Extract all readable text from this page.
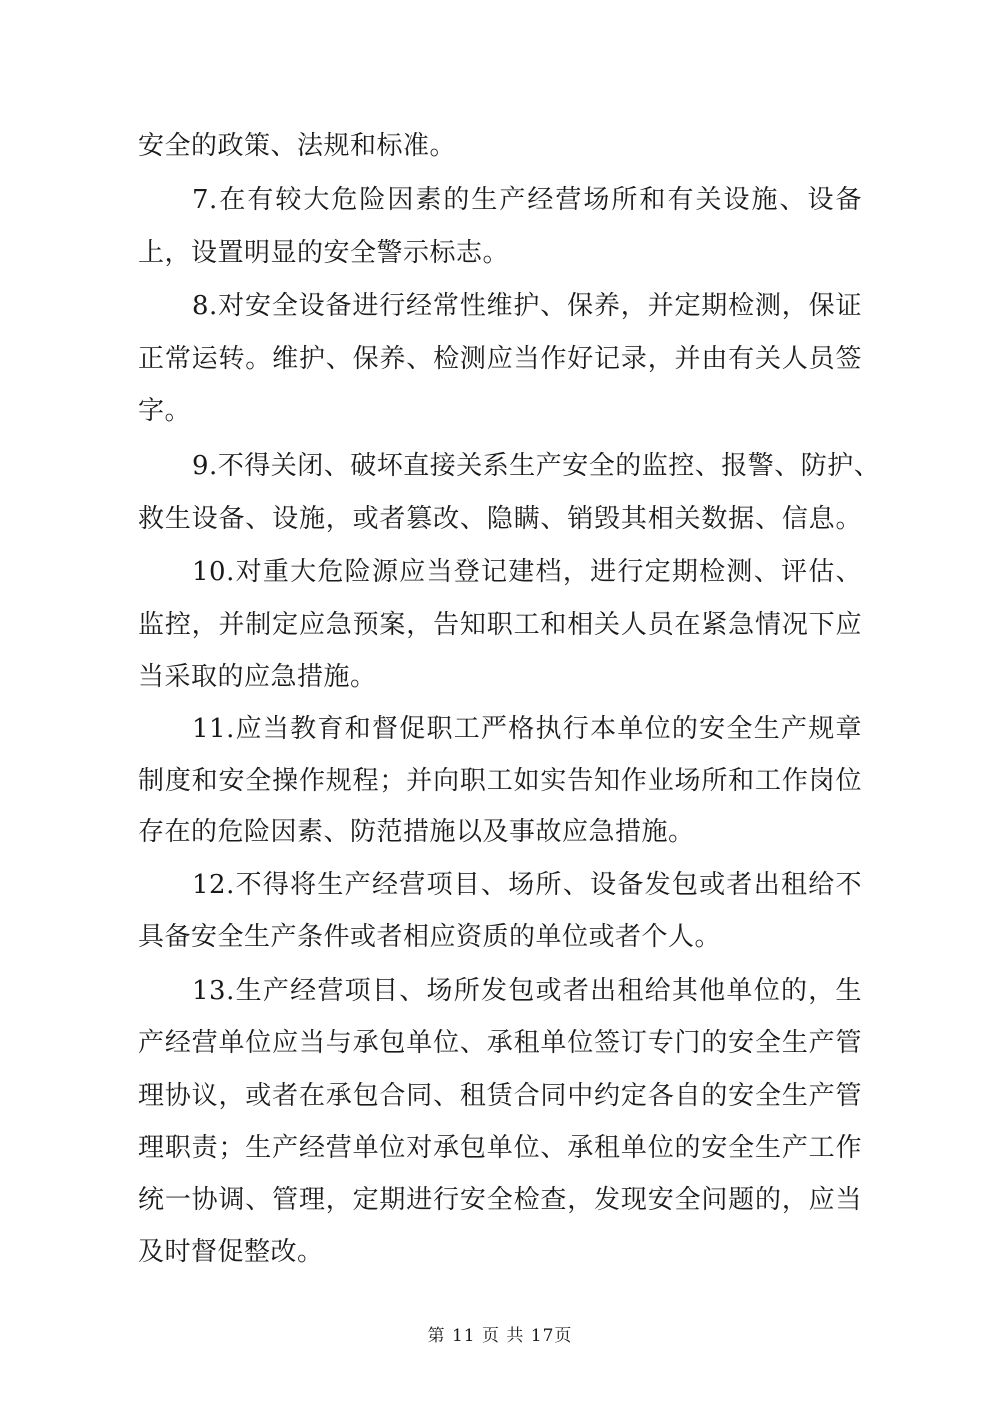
安全的政策、法规和标准。
7.在有较大危险因素的生产经营场所和有关设施、设备
上，设置明显的安全警示标志。
8.对安全设备进行经常性维护、保养，并定期检测，保证
正常运转。维护、保养、检测应当作好记录，并由有关人员签
字。
9.不得关闭、破坏直接关系生产安全的监控、报警、防护、
救生设备、设施，或者篡改、隐瞒、销毁其相关数据、信息。
10.对重大危险源应当登记建档，进行定期检测、评估、
监控，并制定应急预案，告知职工和相关人员在紧急情况下应
当采取的应急措施。
11.应当教育和督促职工严格执行本单位的安全生产规章
制度和安全操作规程；并向职工如实告知作业场所和工作岗位
存在的危险因素、防范措施以及事故应急措施。
12.不得将生产经营项目、场所、设备发包或者出租给不
具备安全生产条件或者相应资质的单位或者个人。
13.生产经营项目、场所发包或者出租给其他单位的，生
产经营单位应当与承包单位、承租单位签订专门的安全生产管
理协议，或者在承包合同、租赁合同中约定各自的安全生产管
理职责；生产经营单位对承包单位、承租单位的安全生产工作
统一协调、管理，定期进行安全检查，发现安全问题的，应当
及时督促整改。
第 11 页 共 17页
